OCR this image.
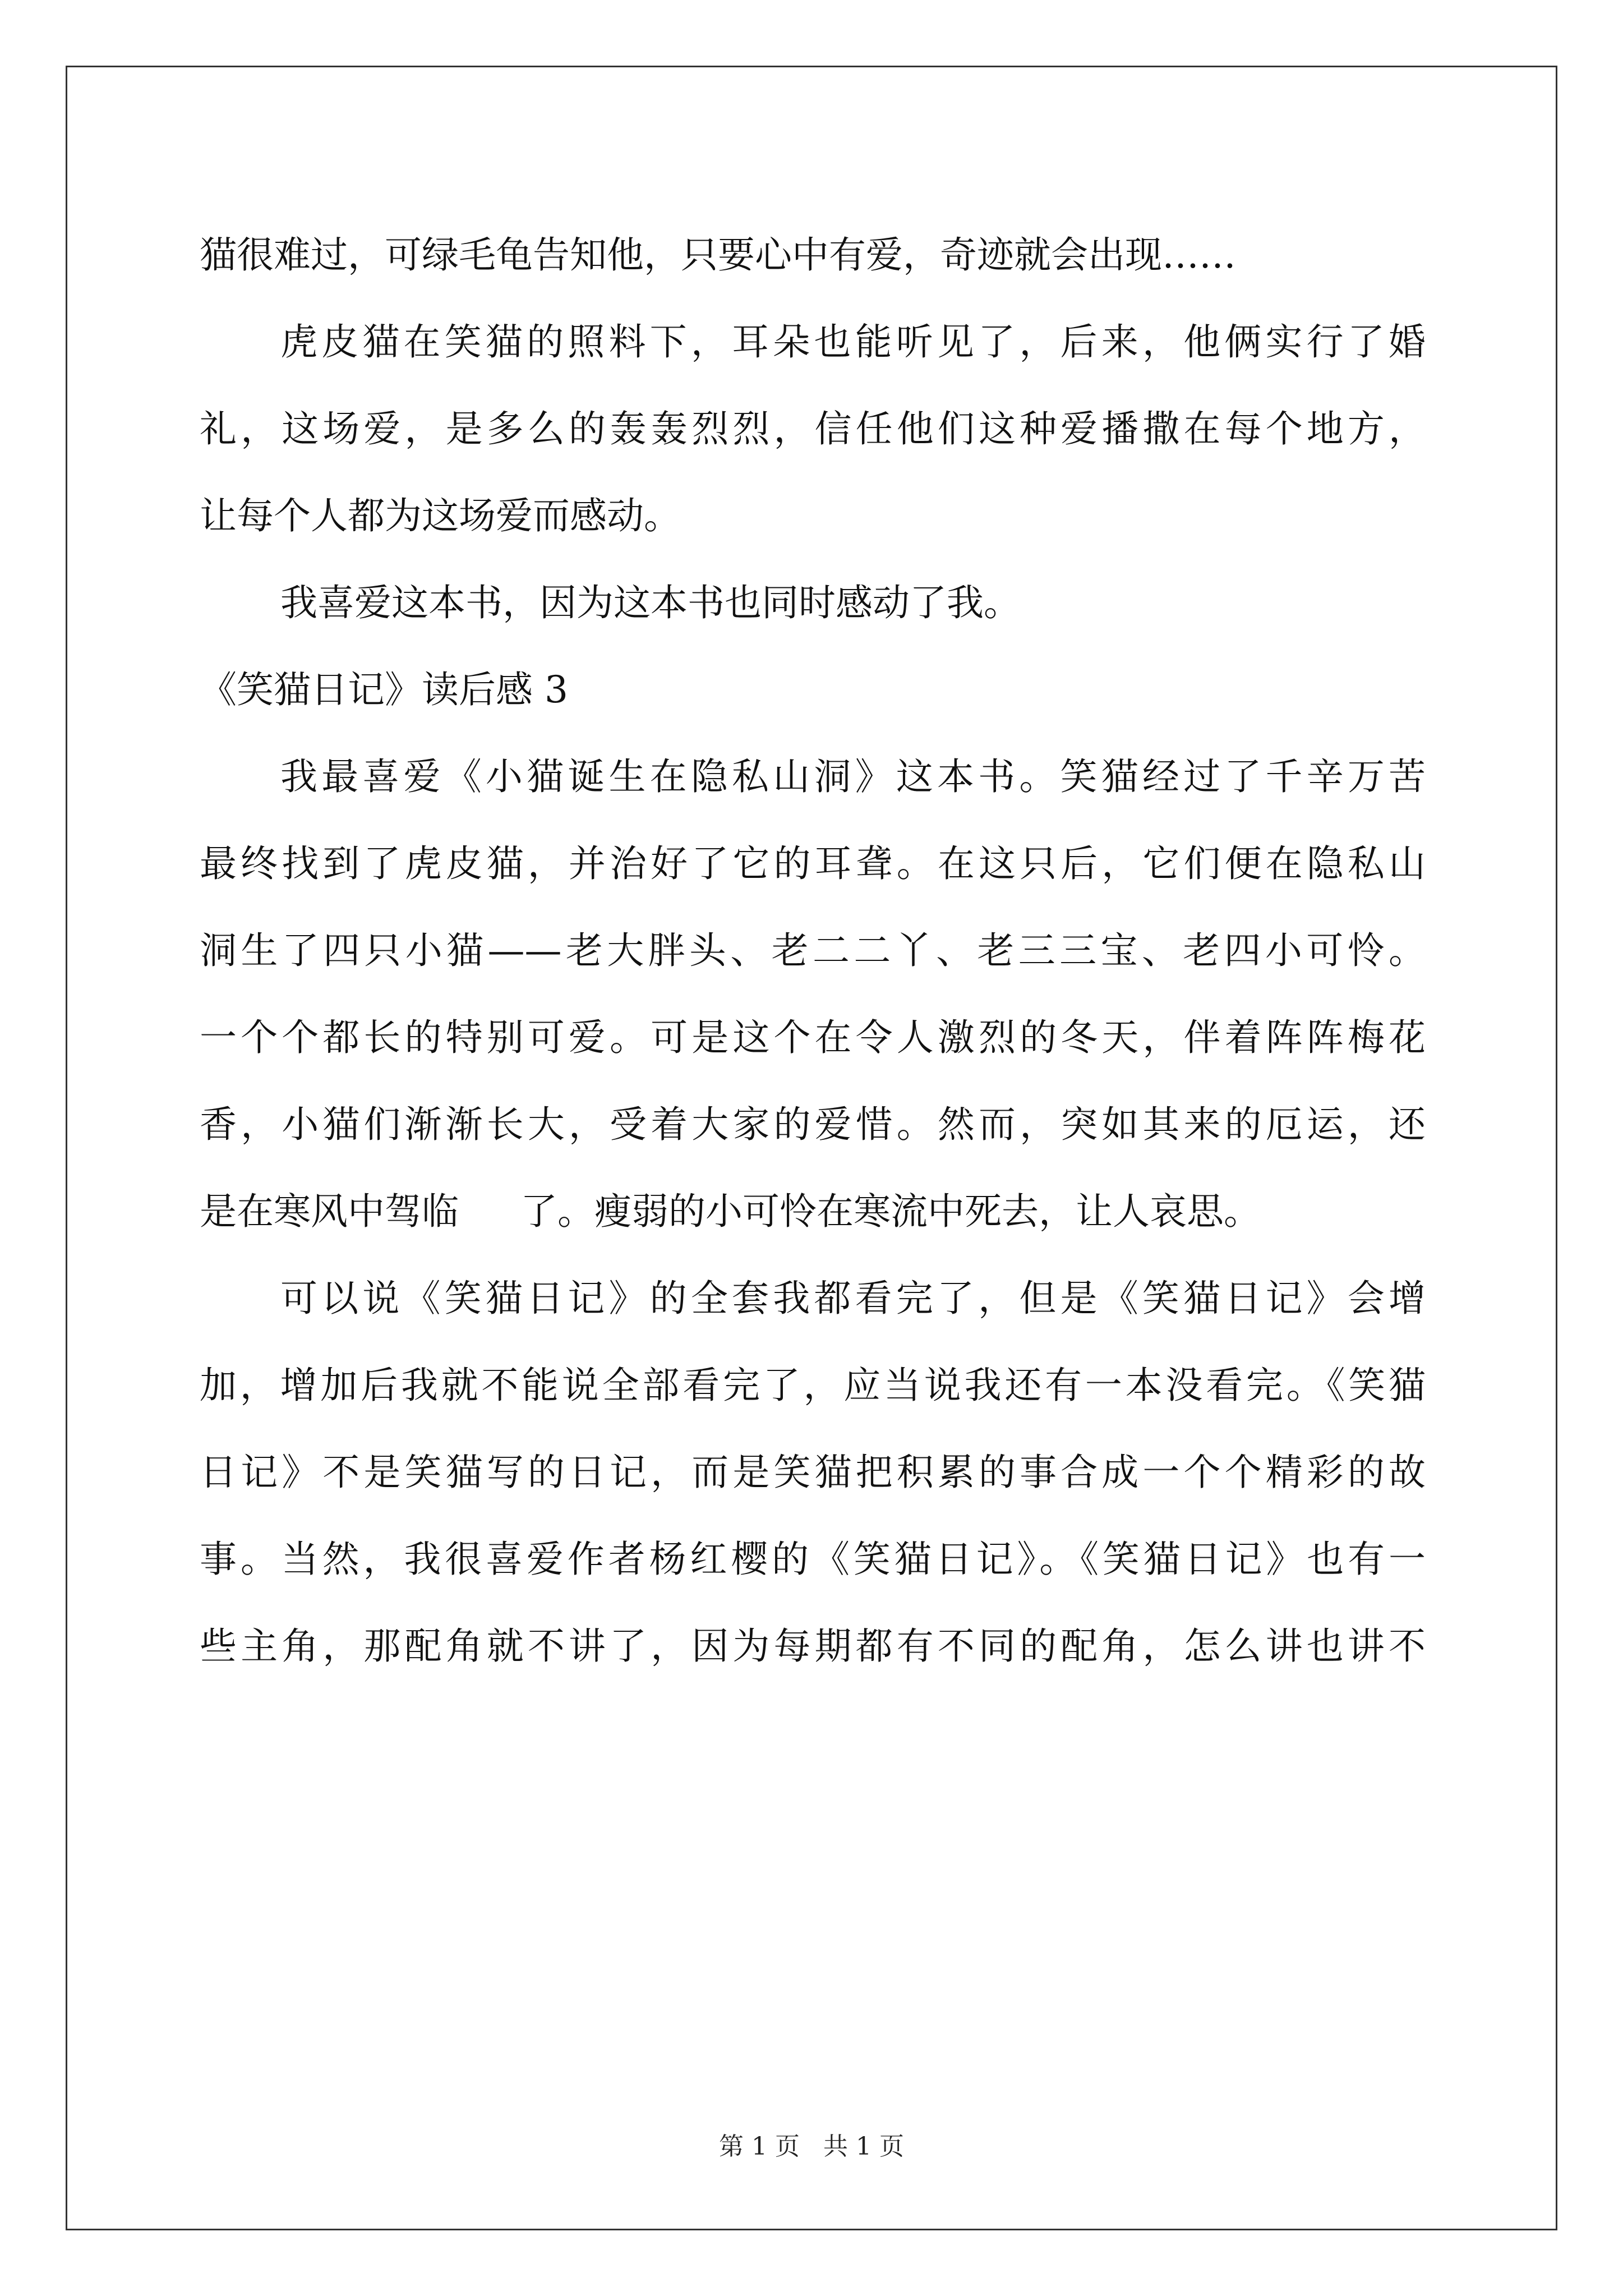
猫很难过，可绿毛龟告知他，只要心中有爱，奇迹就会出现……
虎皮猫在笑猫的照料下，耳朵也能听见了，后来，他俩实行了婚
礼，这场爱，是多么的轰轰烈烈，信任他们这种爱播撒在每个地方，
让每个人都为这场爱而感动。
我喜爱这本书，因为这本书也同时感动了我。
《笑猫日记》读后感 3
我最喜爱《小猫诞生在隐私山洞》这本书。笑猫经过了千辛万苦
最终找到了虎皮猫，并治好了它的耳聋。在这只后，它们便在隐私山
洞生了四只小猫——老大胖头、老二二丫、老三三宝、老四小可怜。
一个个都长的特别可爱。可是这个在令人激烈的冬天，伴着阵阵梅花
香，小猫们渐渐长大，受着大家的爱惜。然而，突如其来的厄运，还
是在寒风中驾临 了。瘦弱的小可怜在寒流中死去，让人哀思。
可以说《笑猫日记》的全套我都看完了，但是《笑猫日记》会增
加，增加后我就不能说全部看完了，应当说我还有一本没看完。《笑猫
日记》不是笑猫写的日记，而是笑猫把积累的事合成一个个精彩的故
事。当然，我很喜爱作者杨红樱的《笑猫日记》。《笑猫日记》也有一
些主角，那配角就不讲了，因为每期都有不同的配角，怎么讲也讲不
第 1 页 共 1 页
